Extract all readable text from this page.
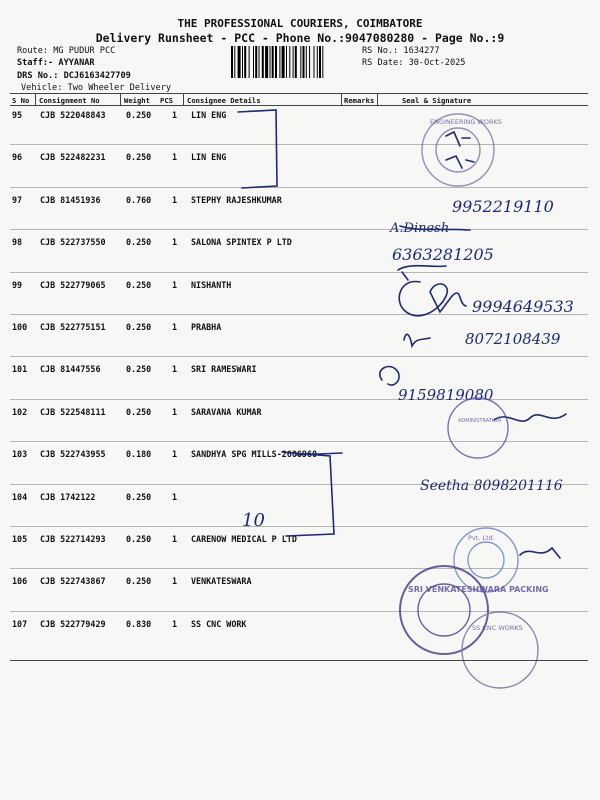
THE PROFESSIONAL COURIERS, COIMBATORE
Delivery Runsheet - PCC - Phone No.:9047080280 - Page No.:9
Route: MG PUDUR PCC
Staff:- AYYANAR
DRS No.: DCJ6163427709
Vehicle: Two Wheeler Delivery
RS No.: 1634277
RS Date: 30-Oct-2025
S No Consignment No	Weight PCS Consignee Details	Remarks	Seal & Signature
95 CJB 522048843 0.250 1 LIN ENG
96 CJB 522482231 0.250 1 LIN ENG
97 CJB 81451936	0.760 1 STEPHY RAJESHKUMAR
98 CJB 522737550 0.250 1 SALONA SPINTEX P LTD
99 CJB 522779065 0.250 1 NISHANTH
100 CJB 522775151 0.250 1 PRABHA
101 CJB 81447556	0.250 1 SRI RAMESWARI
102 CJB 522548111 0.250 1 SARAVANA KUMAR
103 CJB 522743955 0.180 1 SANDHYA SPG MILLS-2606960
104 CJB 1742122	0.250 1
105 CJB 522714293 0.250 1 CARENOW MEDICAL P LTD
106 CJB 522743867 0.250 1 VENKATESWARA
107 CJB 522779429 0.830 1 SS CNC WORK
9952219110
A.Dinesh
6363281205
9994649533
8072108439
9159819080
Seetha 8098201116
10
ENGINEERING WORKS
ADMINISTRATION
Pvt. Ltd.
SRI VENKATESHWARA PACKING
SS CNC WORKS
